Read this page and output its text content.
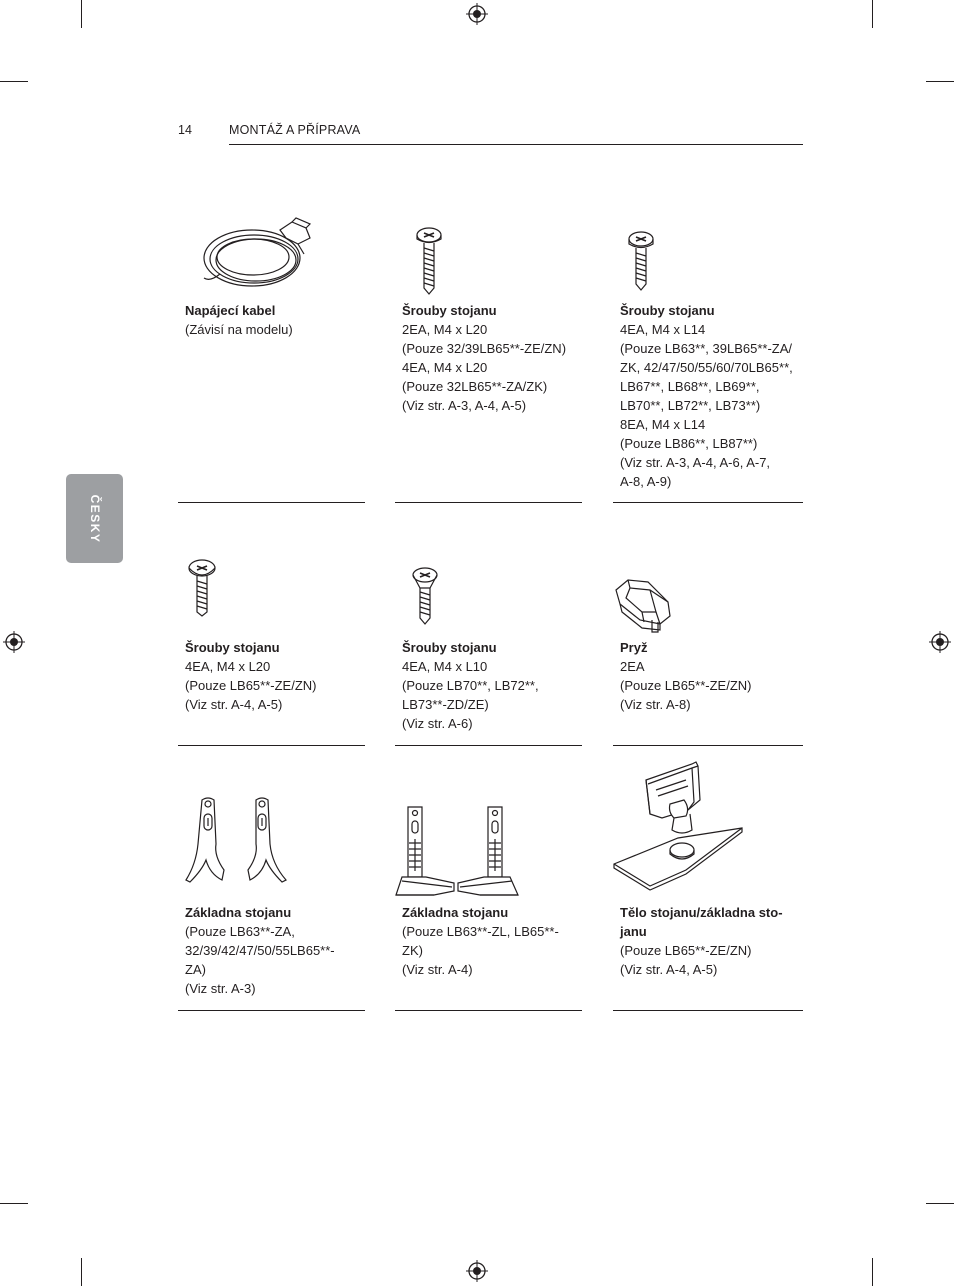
14	MONTÁŽ A PŘÍPRAVA
ČESKY
Napájecí kabel
(Závisí na modelu)
Šrouby stojanu
2EA, M4 x L20
(Pouze 32/39LB65**-ZE/ZN)
4EA, M4 x L20
(Pouze 32LB65**-ZA/ZK)
(Viz str. A-3, A-4, A-5)
Šrouby stojanu
4EA, M4 x L14
(Pouze LB63**, 39LB65**-ZA/
ZK, 42/47/50/55/60/70LB65**,
LB67**, LB68**, LB69**,
LB70**, LB72**, LB73**)
8EA, M4 x L14
(Pouze LB86**, LB87**)
(Viz str. A-3, A-4, A-6, A-7,
A-8, A-9)
Šrouby stojanu
4EA, M4 x L20
(Pouze LB65**-ZE/ZN)
(Viz str. A-4, A-5)
Šrouby stojanu
4EA, M4 x L10
(Pouze LB70**, LB72**,
LB73**-ZD/ZE)
(Viz str. A-6)
Pryž
2EA
(Pouze LB65**-ZE/ZN)
(Viz str. A-8)
Základna stojanu
(Pouze LB63**-ZA,
32/39/42/47/50/55LB65**-
ZA)
(Viz str. A-3)
Základna stojanu
(Pouze LB63**-ZL, LB65**-
ZK)
(Viz str. A-4)
Tělo stojanu/základna sto-
janu
(Pouze LB65**-ZE/ZN)
(Viz str. A-4, A-5)
